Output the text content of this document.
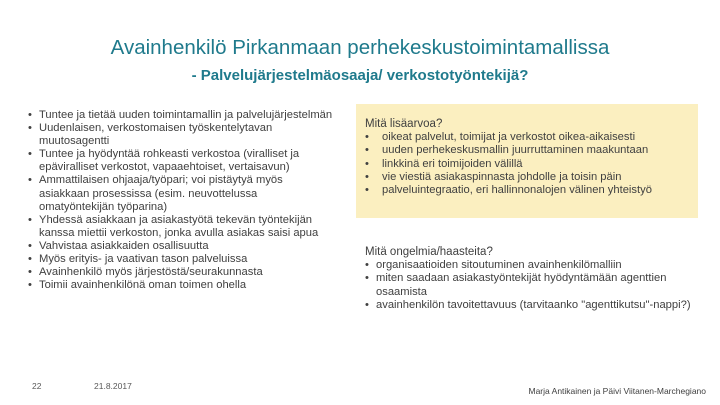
Avainhenkilö Pirkanmaan perhekeskustoimintamallissa
- Palvelujärjestelmäosaaja/ verkostotyöntekijä?
• Tuntee ja tietää uuden toimintamallin ja palvelujärjestelmän
• Uudenlaisen, verkostomaisen työskentelytavan muutosagentti
• Tuntee ja hyödyntää rohkeasti verkostoa (viralliset ja epäviralliset verkostot, vapaaehtoiset, vertaisavun)
• Ammattilaisen ohjaaja/työpari; voi pistäytyä myös asiakkaan prosessissa (esim. neuvottelussa omatyöntekijän työparina)
• Yhdessä asiakkaan ja asiakastyötä tekevän työntekijän kanssa miettii verkoston, jonka avulla asiakas saisi apua
• Vahvistaa asiakkaiden osallisuutta
• Myös erityis- ja vaativan tason palveluissa
• Avainhenkilö myös järjestöstä/seurakunnasta
• Toimii avainhenkilönä oman toimen ohella
Mitä lisäarvoa?
• oikeat palvelut, toimijat ja verkostot oikea-aikaisesti
• uuden perhekeskusmallin juurruttaminen maakuntaan
• linkkinä eri toimijoiden välillä
• vie viestiä asiakaspinnasta johdolle ja toisin päin
• palveluintegraatio, eri hallinnonalojen välinen yhteistyö
Mitä ongelmia/haasteita?
• organisaatioiden sitoutuminen avainhenkilömalliin
• miten saadaan asiakastyöntekijät hyödyntämään agenttien osaamista
• avainhenkilön tavoitettavuus (tarvitaanko "agenttikutsu"-nappi?)
22	21.8.2017	Marja Antikainen ja Päivi Viitanen-Marchegiano
